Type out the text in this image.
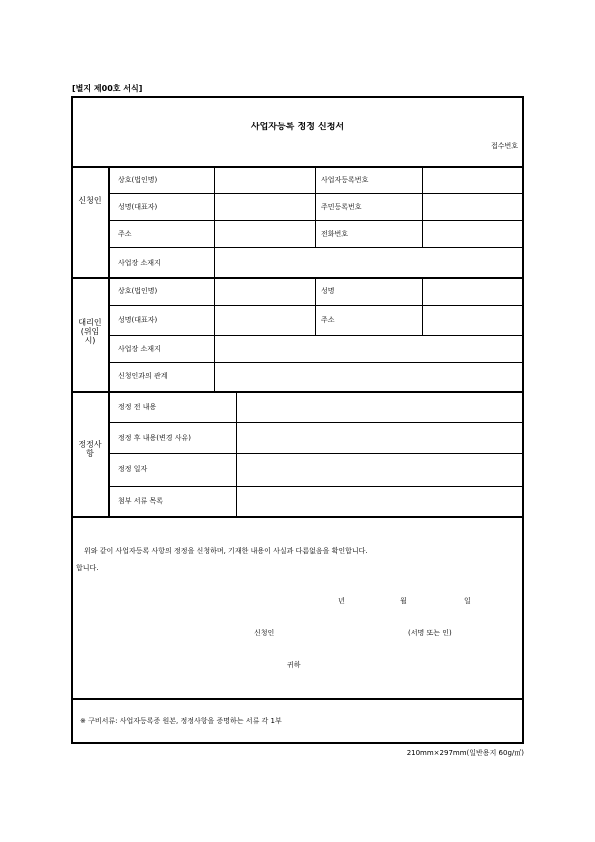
[별지 제00호 서식]
사업자등록 정정 신청서
접수번호
신청인
상호(법인명)	사업자등록번호
성명(대표자)	주민등록번호
주소	전화번호
사업장 소재지
대리인(위임시)
상호(법인명)	성명
성명(대표자)	주소
사업장 소재지
신청인과의 관계
정정사항
정정 전 내용
정정 후 내용(변경 사유)
정정 일자
첨부 서류 목록
위와 같이 사업자등록 사항의 정정을 신청하며, 기재한 내용이 사실과 다름없음을 확인합니다.
합니다.
년	월	일
신청인	(서명 또는 인)
귀하
※ 구비서류: 사업자등록증 원본, 정정사항을 증명하는 서류 각 1부
210mm×297mm(일반용지 60g/㎡)
